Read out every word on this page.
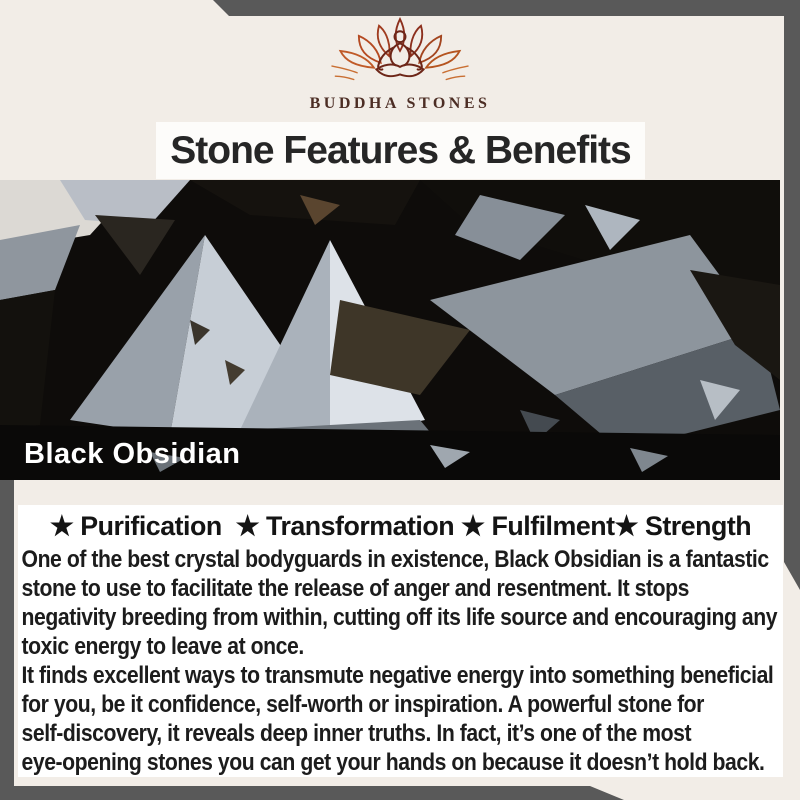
BUDDHA STONES
Stone Features & Benefits
Black Obsidian
★ Purification  ★ Transformation ★ Fulfilment★ Strength
One of the best crystal bodyguards in existence, Black Obsidian is a fantastic
stone to use to facilitate the release of anger and resentment. It stops
negativity breeding from within, cutting off its life source and encouraging any
toxic energy to leave at once.
It finds excellent ways to transmute negative energy into something beneficial
for you, be it confidence, self-worth or inspiration. A powerful stone for
self-discovery, it reveals deep inner truths. In fact, it’s one of the most
eye-opening stones you can get your hands on because it doesn’t hold back.
